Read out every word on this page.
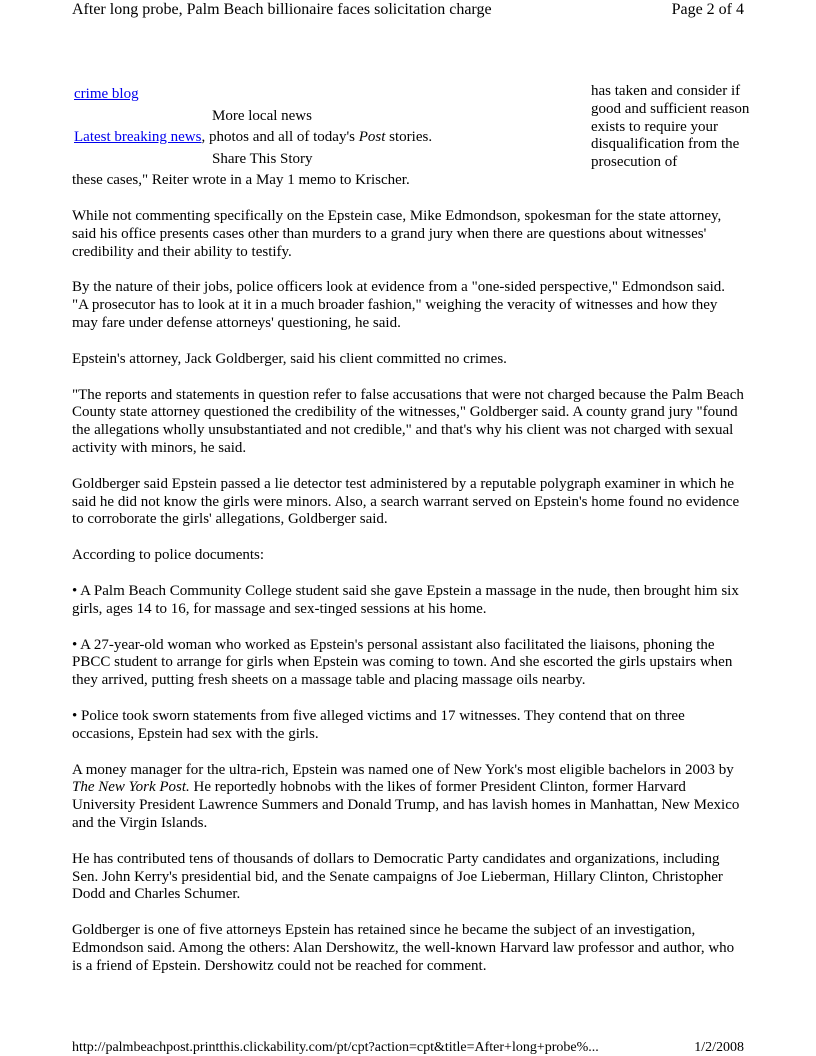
After long probe, Palm Beach billionaire faces solicitation charge	Page 2 of 4
crime blog
More local news
Latest breaking news, photos and all of today's Post stories.
Share This Story
these cases," Reiter wrote in a May 1 memo to Krischer.
has taken and consider if good and sufficient reason exists to require your disqualification from the prosecution of

While not commenting specifically on the Epstein case, Mike Edmondson, spokesman for the state attorney, said his office presents cases other than murders to a grand jury when there are questions about witnesses' credibility and their ability to testify.

By the nature of their jobs, police officers look at evidence from a "one-sided perspective," Edmondson said. "A prosecutor has to look at it in a much broader fashion," weighing the veracity of witnesses and how they may fare under defense attorneys' questioning, he said.

Epstein's attorney, Jack Goldberger, said his client committed no crimes.

"The reports and statements in question refer to false accusations that were not charged because the Palm Beach County state attorney questioned the credibility of the witnesses," Goldberger said. A county grand jury "found the allegations wholly unsubstantiated and not credible," and that's why his client was not charged with sexual activity with minors, he said.

Goldberger said Epstein passed a lie detector test administered by a reputable polygraph examiner in which he said he did not know the girls were minors. Also, a search warrant served on Epstein's home found no evidence to corroborate the girls' allegations, Goldberger said.

According to police documents:

• A Palm Beach Community College student said she gave Epstein a massage in the nude, then brought him six girls, ages 14 to 16, for massage and sex-tinged sessions at his home.

• A 27-year-old woman who worked as Epstein's personal assistant also facilitated the liaisons, phoning the PBCC student to arrange for girls when Epstein was coming to town. And she escorted the girls upstairs when they arrived, putting fresh sheets on a massage table and placing massage oils nearby.

• Police took sworn statements from five alleged victims and 17 witnesses. They contend that on three occasions, Epstein had sex with the girls.

A money manager for the ultra-rich, Epstein was named one of New York's most eligible bachelors in 2003 by The New York Post. He reportedly hobnobs with the likes of former President Clinton, former Harvard University President Lawrence Summers and Donald Trump, and has lavish homes in Manhattan, New Mexico and the Virgin Islands.

He has contributed tens of thousands of dollars to Democratic Party candidates and organizations, including Sen. John Kerry's presidential bid, and the Senate campaigns of Joe Lieberman, Hillary Clinton, Christopher Dodd and Charles Schumer.

Goldberger is one of five attorneys Epstein has retained since he became the subject of an investigation, Edmondson said. Among the others: Alan Dershowitz, the well-known Harvard law professor and author, who is a friend of Epstein. Dershowitz could not be reached for comment.

http://palmbeachpost.printthis.clickability.com/pt/cpt?action=cpt&title=After+long+probe%...	1/2/2008
